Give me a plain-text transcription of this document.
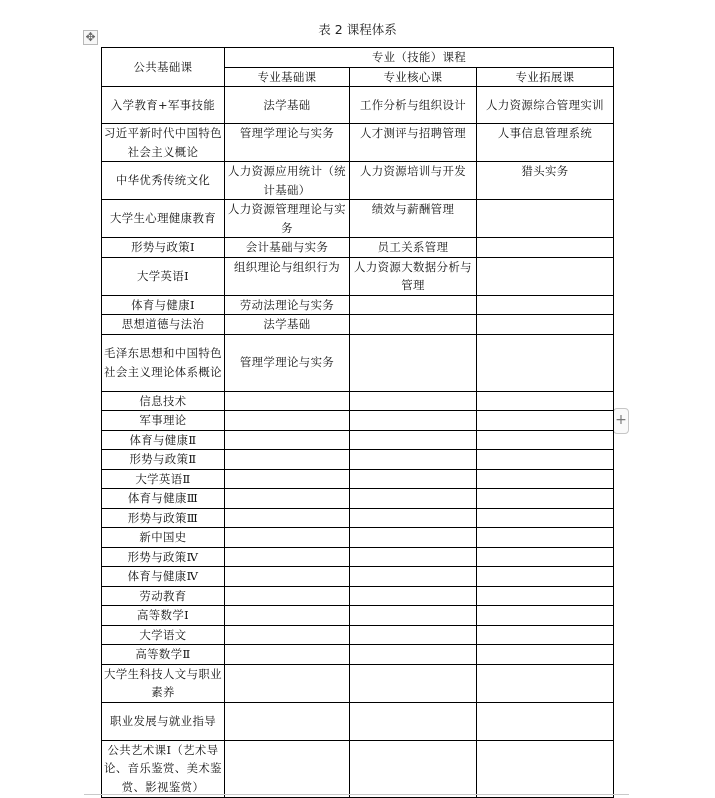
表 2 课程体系
✥
+
公共基础课	专业（技能）课程		
	专业基础课	专业核心课	专业拓展课
入学教育+军事技能	法学基础	工作分析与组织设计	人力资源综合管理实训
习近平新时代中国特色社会主义概论	管理学理论与实务	人才测评与招聘管理	人事信息管理系统
中华优秀传统文化	人力资源应用统计（统计基础）	人力资源培训与开发	猎头实务
大学生心理健康教育	人力资源管理理论与实务	绩效与薪酬管理	
形势与政策Ⅰ	会计基础与实务	员工关系管理	
大学英语Ⅰ	组织理论与组织行为	人力资源大数据分析与管理	
体育与健康Ⅰ	劳动法理论与实务		
思想道德与法治	法学基础		
毛泽东思想和中国特色社会主义理论体系概论	管理学理论与实务		
信息技术			
军事理论			
体育与健康Ⅱ			
形势与政策Ⅱ			
大学英语Ⅱ			
体育与健康Ⅲ			
形势与政策Ⅲ			
新中国史			
形势与政策Ⅳ			
体育与健康Ⅳ			
劳动教育			
高等数学Ⅰ			
大学语文			
高等数学Ⅱ			
大学生科技人文与职业素养			
职业发展与就业指导			
公共艺术课Ⅰ（艺术导论、音乐鉴赏、美术鉴赏、影视鉴赏）			
